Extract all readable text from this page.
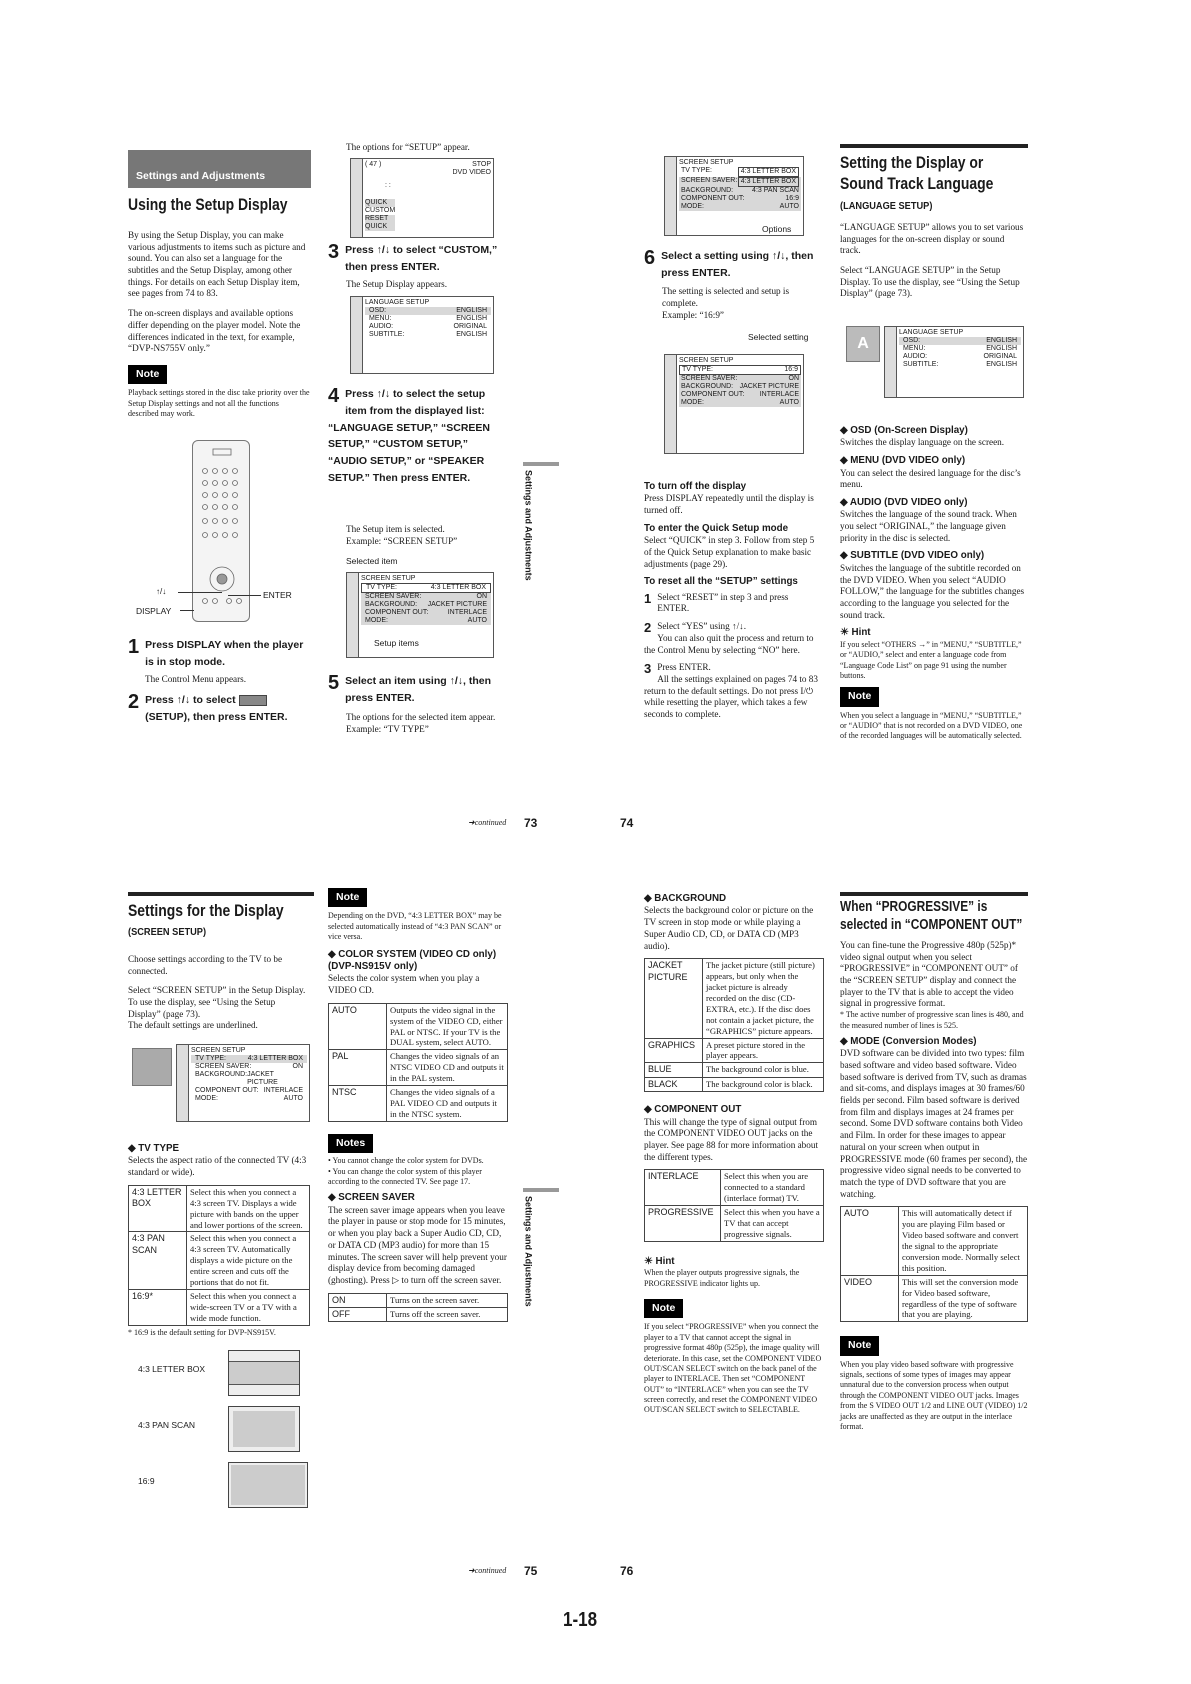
Settings and Adjustments
Using the Setup Display

By using the Setup Display, you can make various adjustments to items such as picture and sound. You can also set a language for the subtitles and the Setup Display, among other things. For details on each Setup Display item, see pages from 74 to 83.

The on-screen displays and available options differ depending on the player model. Note the differences indicated in the text, for example, “DVP-NS755V only.”

Note
Playback settings stored in the disc take priority over the Setup Display settings and not all the functions described may work.
↑/↓	ENTER
DISPLAY
1 Press DISPLAY when the player is in stop mode.
The Control Menu appears.
2 Press ↑/↓ to select  (SETUP), then press ENTER.
The options for “SETUP” appear.
( 47 )	STOP
DVD VIDEO
: :
QUICK
CUSTOM
RESET
QUICK
3 Press ↑/↓ to select “CUSTOM,” then press ENTER.
The Setup Display appears.
LANGUAGE SETUP
OSD:	ENGLISH
MENU:	ENGLISH
AUDIO:	ORIGINAL
SUBTITLE:	ENGLISH
4 Press ↑/↓ to select the setup item from the displayed list: “LANGUAGE SETUP,” “SCREEN SETUP,” “CUSTOM SETUP,” “AUDIO SETUP,” or “SPEAKER SETUP.” Then press ENTER.
The Setup item is selected.
Example: “SCREEN SETUP”
Selected item
SCREEN SETUP
TV TYPE:	4:3 LETTER BOX
SCREEN SAVER:	ON
BACKGROUND: JACKET PICTURE
COMPONENT OUT:	INTERLACE
MODE:	AUTO
Setup items
5 Select an item using ↑/↓, then press ENTER.
The options for the selected item appear.
Example: “TV TYPE”
Settings and Adjustments
➜continued 73
SCREEN SETUP
TV TYPE:	4:3 LETTER BOX
SCREEN SAVER: 4:3 LETTER BOX
BACKGROUND:	4:3 PAN SCAN
COMPONENT OUT:	16:9
MODE:	AUTO
Options
6 Select a setting using ↑/↓, then press ENTER.
The setting is selected and setup is complete.
Example: “16:9”
Selected setting
SCREEN SETUP
TV TYPE:	16:9
SCREEN SAVER:	ON
BACKGROUND: JACKET PICTURE
COMPONENT OUT: INTERLACE
MODE:	AUTO
To turn off the display

Press DISPLAY repeatedly until the display is turned off.

To enter the Quick Setup mode

Select “QUICK” in step 3. Follow from step 5 of the Quick Setup explanation to make basic adjustments (page 29).

To reset all the “SETUP” settings
1 Select “RESET” in step 3 and press ENTER.
2 Select “YES” using ↑/↓.
You can also quit the process and return to the Control Menu by selecting “NO” here.
3 Press ENTER.
All the settings explained on pages 74 to 83 return to the default settings. Do not press I/⏻ while resetting the player, which takes a few seconds to complete.
Setting the Display or Sound Track Language
(LANGUAGE SETUP)

“LANGUAGE SETUP” allows you to set various languages for the on-screen display or sound track.

Select “LANGUAGE SETUP” in the Setup Display. To use the display, see “Using the Setup Display” (page 73).

A
LANGUAGE SETUP
OSD:	ENGLISH
MENU:	ENGLISH
AUDIO:	ORIGINAL
SUBTITLE:	ENGLISH
◆ OSD (On-Screen Display)

Switches the display language on the screen.

◆ MENU (DVD VIDEO only)

You can select the desired language for the disc’s menu.

◆ AUDIO (DVD VIDEO only)

Switches the language of the sound track. When you select “ORIGINAL,” the language given priority in the disc is selected.

◆ SUBTITLE (DVD VIDEO only)

Switches the language of the subtitle recorded on the DVD VIDEO. When you select “AUDIO FOLLOW,” the language for the subtitles changes according to the language you selected for the sound track.

☀ Hint
If you select “OTHERS →” in “MENU,” “SUBTITLE,” or “AUDIO,” select and enter a language code from “Language Code List” on page 91 using the number buttons.
Note
When you select a language in “MENU,” “SUBTITLE,” or “AUDIO” that is not recorded on a DVD VIDEO, one of the recorded languages will be automatically selected.
74
Settings for the Display
(SCREEN SETUP)

Choose settings according to the TV to be connected.

Select “SCREEN SETUP” in the Setup Display. To use the display, see “Using the Setup Display” (page 73).

The default settings are underlined.

SCREEN SETUP
TV TYPE:	4:3 LETTER BOX
SCREEN SAVER:	ON
BACKGROUND: JACKET PICTURE
COMPONENT OUT: INTERLACE
MODE:	AUTO
◆ TV TYPE

Selects the aspect ratio of the connected TV (4:3 standard or wide).

4:3 LETTER BOX	Select this when you connect a 4:3 screen TV. Displays a wide picture with bands on the upper and lower portions of the screen.
4:3 PAN SCAN	Select this when you connect a 4:3 screen TV. Automatically displays a wide picture on the entire screen and cuts off the portions that do not fit.
16:9*	Select this when you connect a wide-screen TV or a TV with a wide mode function.
* 16:9 is the default setting for DVP-NS915V.
4:3 LETTER BOX
4:3 PAN SCAN
16:9
Note
Depending on the DVD, “4:3 LETTER BOX” may be selected automatically instead of “4:3 PAN SCAN” or vice versa.
◆ COLOR SYSTEM (VIDEO CD only) (DVP-NS915V only)

Selects the color system when you play a VIDEO CD.

AUTO	Outputs the video signal in the system of the VIDEO CD, either PAL or NTSC. If your TV is the DUAL system, select AUTO.
PAL	Changes the video signals of an NTSC VIDEO CD and outputs it in the PAL system.
NTSC	Changes the video signals of a PAL VIDEO CD and outputs it in the NTSC system.
Notes
• You cannot change the color system for DVDs.
• You can change the color system of this player according to the connected TV. See page 17.
◆ SCREEN SAVER

The screen saver image appears when you leave the player in pause or stop mode for 15 minutes, or when you play back a Super Audio CD, CD, or DATA CD (MP3 audio) for more than 15 minutes. The screen saver will help prevent your display device from becoming damaged (ghosting). Press ▷ to turn off the screen saver.

ON	Turns on the screen saver.
OFF	Turns off the screen saver.
Settings and Adjustments
➜continued 75
◆ BACKGROUND

Selects the background color or picture on the TV screen in stop mode or while playing a Super Audio CD, CD, or DATA CD (MP3 audio).

JACKET PICTURE	The jacket picture (still picture) appears, but only when the jacket picture is already recorded on the disc (CD-EXTRA, etc.). If the disc does not contain a jacket picture, the “GRAPHICS” picture appears.
GRAPHICS	A preset picture stored in the player appears.
BLUE	The background color is blue.
BLACK	The background color is black.
◆ COMPONENT OUT

This will change the type of signal output from the COMPONENT VIDEO OUT jacks on the player. See page 88 for more information about the different types.

INTERLACE	Select this when you are connected to a standard (interlace format) TV.
PROGRESSIVE	Select this when you have a TV that can accept progressive signals.
☀ Hint
When the player outputs progressive signals, the PROGRESSIVE indicator lights up.
Note
If you select “PROGRESSIVE” when you connect the player to a TV that cannot accept the signal in progressive format 480p (525p), the image quality will deteriorate. In this case, set the COMPONENT VIDEO OUT/SCAN SELECT switch on the back panel of the player to INTERLACE. Then set “COMPONENT OUT” to “INTERLACE” when you can see the TV screen correctly, and reset the COMPONENT VIDEO OUT/SCAN SELECT switch to SELECTABLE.
When “PROGRESSIVE” is selected in “COMPONENT OUT”

You can fine-tune the Progressive 480p (525p)* video signal output when you select “PROGRESSIVE” in “COMPONENT OUT” of the “SCREEN SETUP” display and connect the player to the TV that is able to accept the video signal in progressive format.

* The active number of progressive scan lines is 480, and the measured number of lines is 525.
◆ MODE (Conversion Modes)

DVD software can be divided into two types: film based software and video based software. Video based software is derived from TV, such as dramas and sit-coms, and displays images at 30 frames/60 fields per second. Film based software is derived from film and displays images at 24 frames per second. Some DVD software contains both Video and Film. In order for these images to appear natural on your screen when output in PROGRESSIVE mode (60 frames per second), the progressive video signal needs to be converted to match the type of DVD software that you are watching.

AUTO	This will automatically detect if you are playing Film based or Video based software and convert the signal to the appropriate conversion mode. Normally select this position.
VIDEO	This will set the conversion mode for Video based software, regardless of the type of software that you are playing.
Note
When you play video based software with progressive signals, sections of some types of images may appear unnatural due to the conversion process when output through the COMPONENT VIDEO OUT jacks. Images from the S VIDEO OUT 1/2 and LINE OUT (VIDEO) 1/2 jacks are unaffected as they are output in the interlace format.
76
1-18
